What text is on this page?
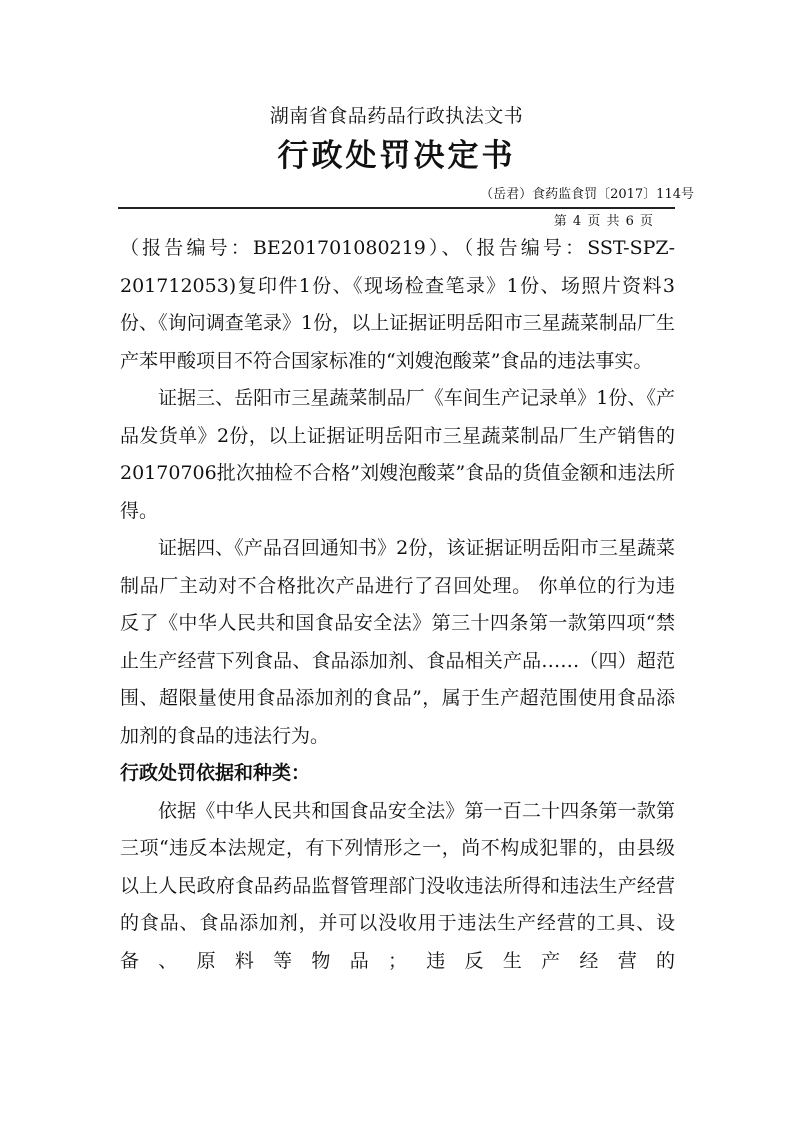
湖南省食品药品行政执法文书
行政处罚决定书
（岳君）食药监食罚〔2017〕114号
第 4 页 共 6 页

（报告编号：BE201701080219）、（报告编号：SST-SPZ-201712053)复印件1份、《现场检查笔录》1份、场照片资料3份、《询问调查笔录》1份，以上证据证明岳阳市三星蔬菜制品厂生产苯甲酸项目不符合国家标准的“刘嫂泡酸菜”食品的违法事实。

证据三、岳阳市三星蔬菜制品厂《车间生产记录单》1份、《产品发货单》2份，以上证据证明岳阳市三星蔬菜制品厂生产销售的20170706批次抽检不合格”刘嫂泡酸菜”食品的货值金额和违法所得。

证据四、《产品召回通知书》2份，该证据证明岳阳市三星蔬菜制品厂主动对不合格批次产品进行了召回处理。 你单位的行为违反了《中华人民共和国食品安全法》第三十四条第一款第四项“禁止生产经营下列食品、食品添加剂、食品相关产品……（四）超范围、超限量使用食品添加剂的食品”，属于生产超范围使用食品添加剂的食品的违法行为。

行政处罚依据和种类：

依据《中华人民共和国食品安全法》第一百二十四条第一款第三项“违反本法规定，有下列情形之一，尚不构成犯罪的，由县级以上人民政府食品药品监督管理部门没收违法所得和违法生产经营的食品、食品添加剂，并可以没收用于违法生产经营的工具、设备、原料等物品；违反生产经营的
